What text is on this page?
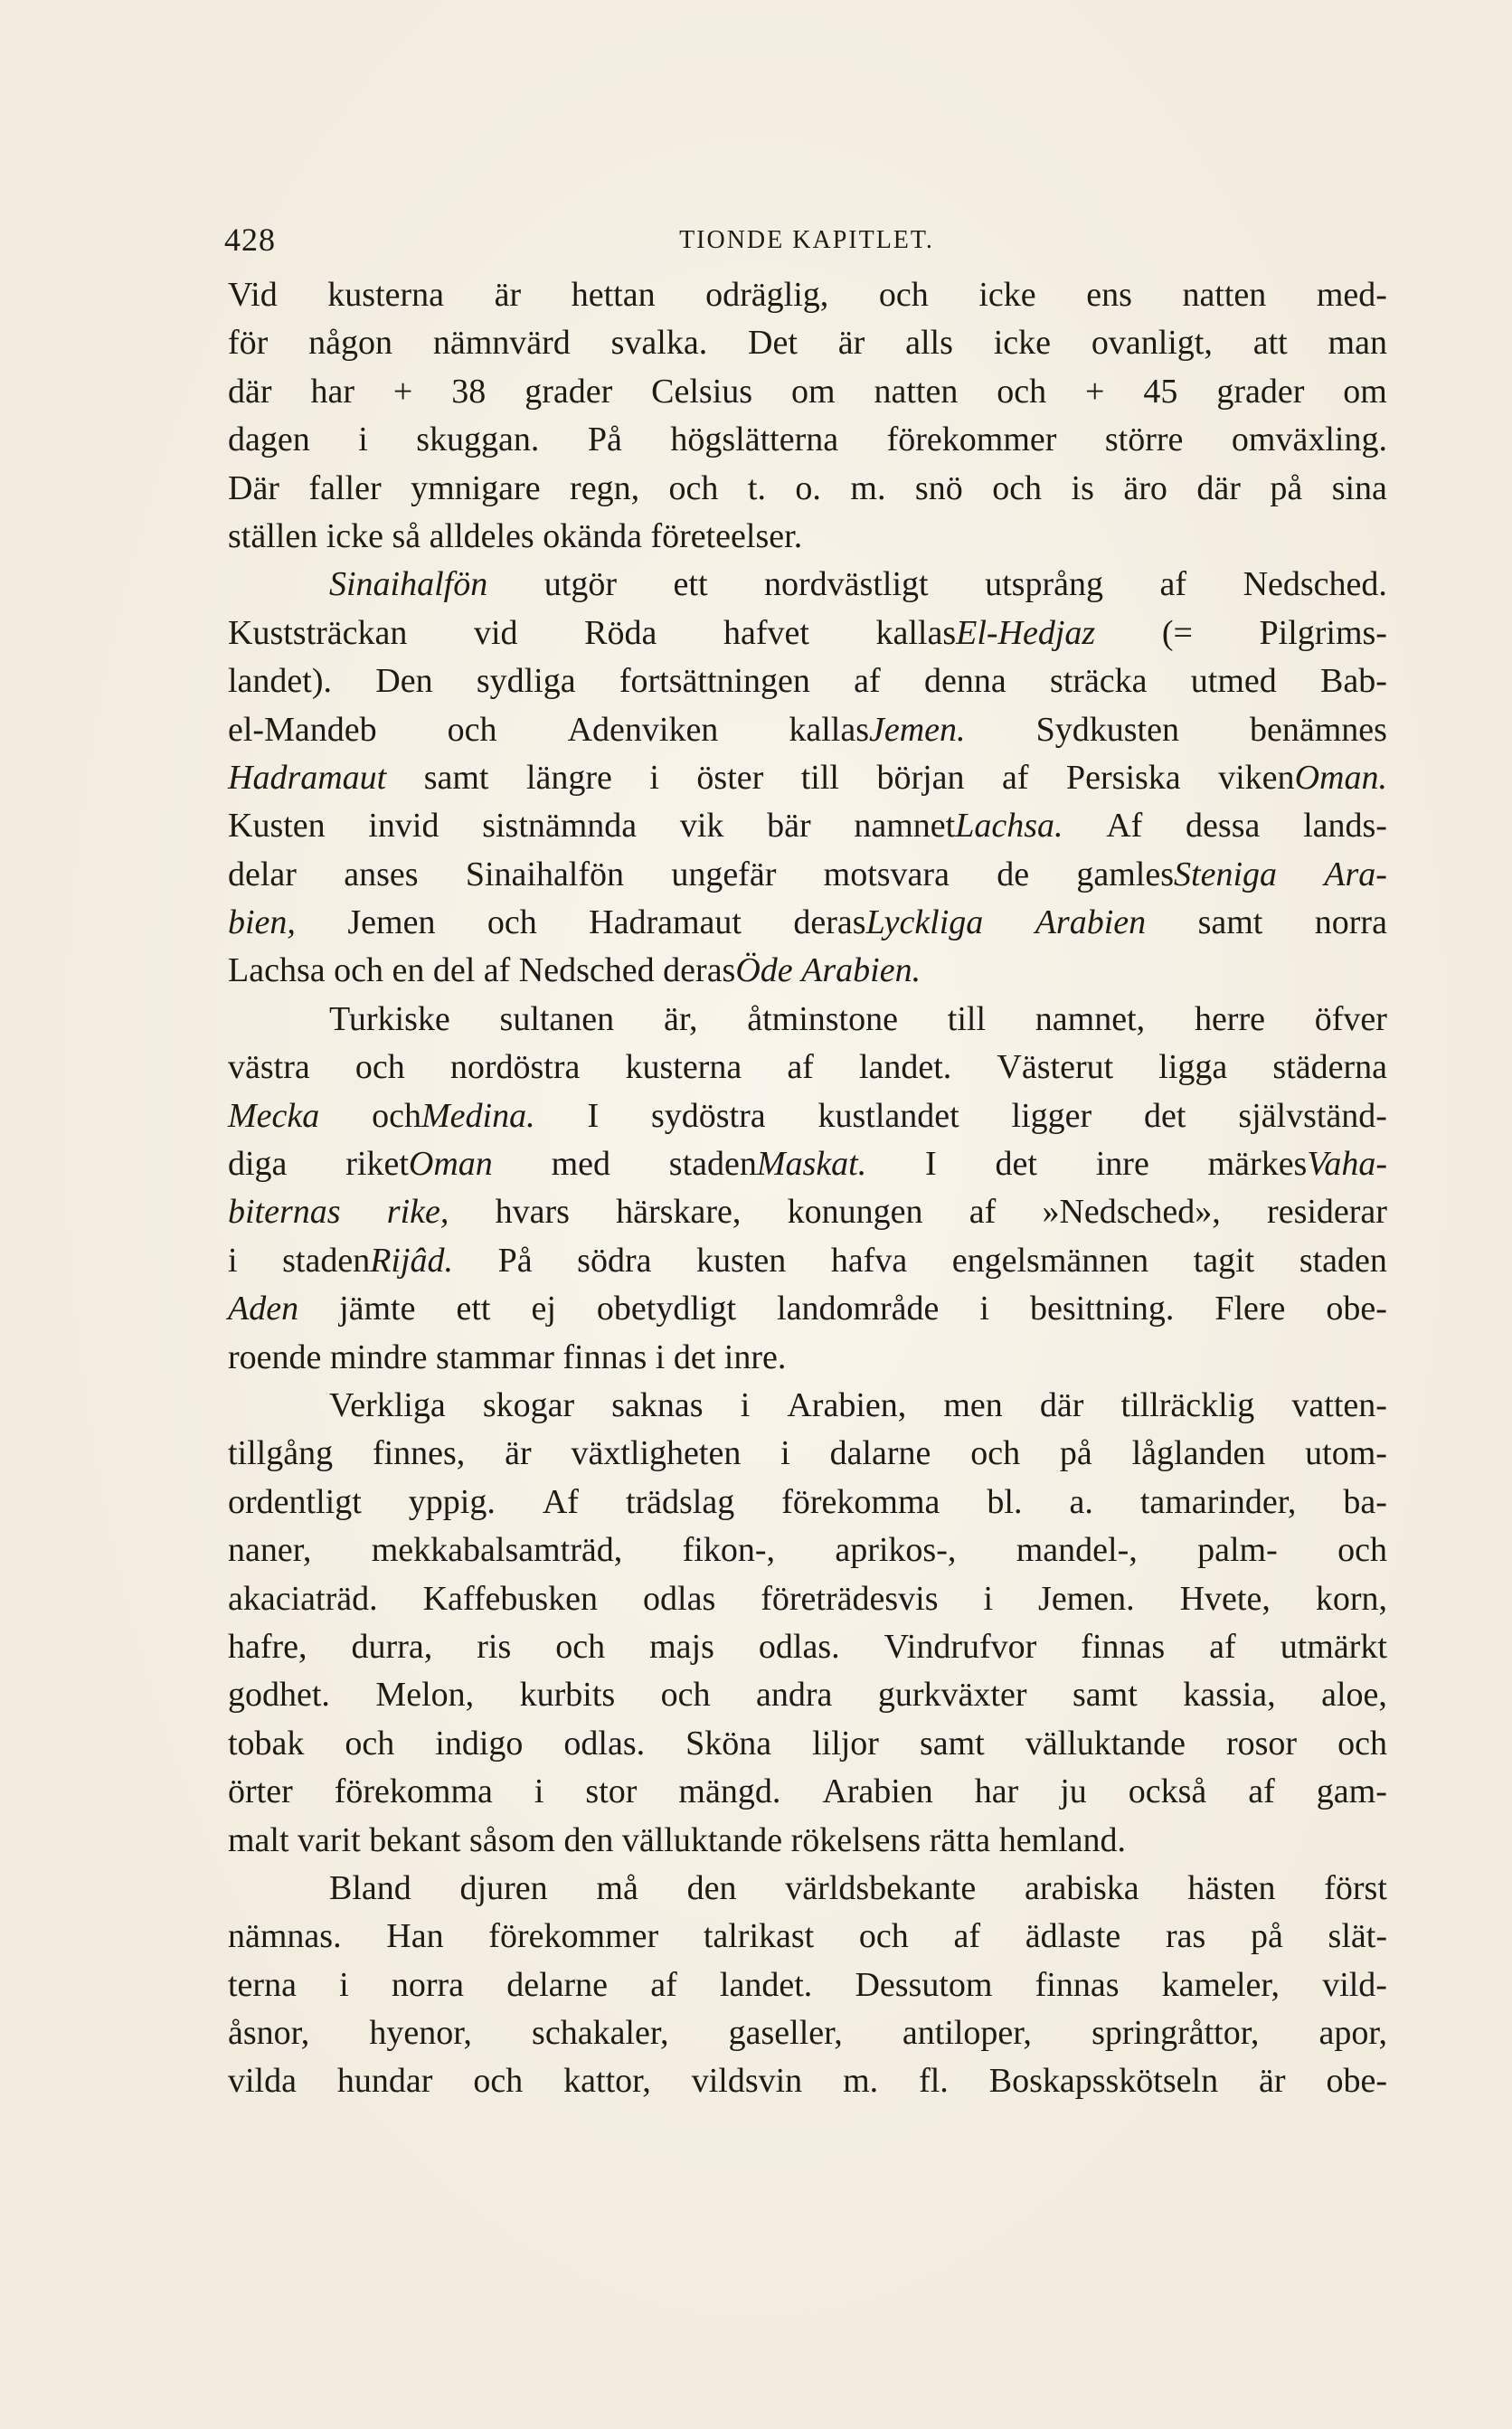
428	TIONDE KAPITLET.
Vid kusterna är hettan odräglig, och icke ens natten med-
för någon nämnvärd svalka. Det är alls icke ovanligt, att man
där har + 38 grader Celsius om natten och + 45 grader om
dagen i skuggan. På högslätterna förekommer större omväxling.
Där faller ymnigare regn, och t. o. m. snö och is äro där på sina
ställen icke så alldeles okända företeelser.
Sinaihalfön utgör ett nordvästligt utsprång af Nedsched.
Kuststräckan vid Röda hafvet kallasEl-Hedjaz (= Pilgrims-
landet). Den sydliga fortsättningen af denna sträcka utmed Bab-
el-Mandeb och Adenviken kallasJemen. Sydkusten benämnes
Hadramaut samt längre i öster till början af Persiska vikenOman.
Kusten invid sistnämnda vik bär namnetLachsa. Af dessa lands-
delar anses Sinaihalfön ungefär motsvara de gamlesSteniga Ara-
bien, Jemen och Hadramaut derasLyckliga Arabien samt norra
Lachsa och en del af Nedsched derasÖde Arabien.
Turkiske sultanen är, åtminstone till namnet, herre öfver
västra och nordöstra kusterna af landet. Västerut ligga städerna
Mecka ochMedina. I sydöstra kustlandet ligger det självständ-
diga riketOman med stadenMaskat. I det inre märkesVaha-
biternas rike, hvars härskare, konungen af »Nedsched», residerar
i stadenRijâd. På södra kusten hafva engelsmännen tagit staden
Aden jämte ett ej obetydligt landområde i besittning. Flere obe-
roende mindre stammar finnas i det inre.
Verkliga skogar saknas i Arabien, men där tillräcklig vatten-
tillgång finnes, är växtligheten i dalarne och på låglanden utom-
ordentligt yppig. Af trädslag förekomma bl. a. tamarinder, ba-
naner, mekkabalsamträd, fikon-, aprikos-, mandel-, palm- och
akaciaträd. Kaffebusken odlas företrädesvis i Jemen. Hvete, korn,
hafre, durra, ris och majs odlas. Vindrufvor finnas af utmärkt
godhet. Melon, kurbits och andra gurkväxter samt kassia, aloe,
tobak och indigo odlas. Sköna liljor samt välluktande rosor och
örter förekomma i stor mängd. Arabien har ju också af gam-
malt varit bekant såsom den välluktande rökelsens rätta hemland.
Bland djuren må den världsbekante arabiska hästen först
nämnas. Han förekommer talrikast och af ädlaste ras på slät-
terna i norra delarne af landet. Dessutom finnas kameler, vild-
åsnor, hyenor, schakaler, gaseller, antiloper, springråttor, apor,
vilda hundar och kattor, vildsvin m. fl. Boskapsskötseln är obe-
